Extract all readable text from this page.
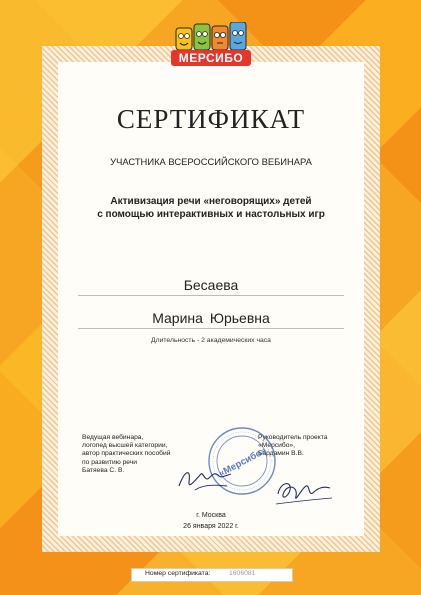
МЕРСИБО
СЕРТИФИКАТ
УЧАСТНИКА ВСЕРОССИЙСКОГО ВЕБИНАРА
Активизация речи «неговорящих» детей
с помощью интерактивных и настольных игр
Бесаева
Марина Юрьевна
Длительность - 2 академических часа
Ведущая вебинара,
логопед высшей категории,
автор практических пособий
по развитию речи
Батяева С. В.
Руководитель проекта
«Мерсибо»,
Бардамин В.В.
«Мерсибо»
г. Москва
26 января 2022 г.
Номер сертификата:	1606081
